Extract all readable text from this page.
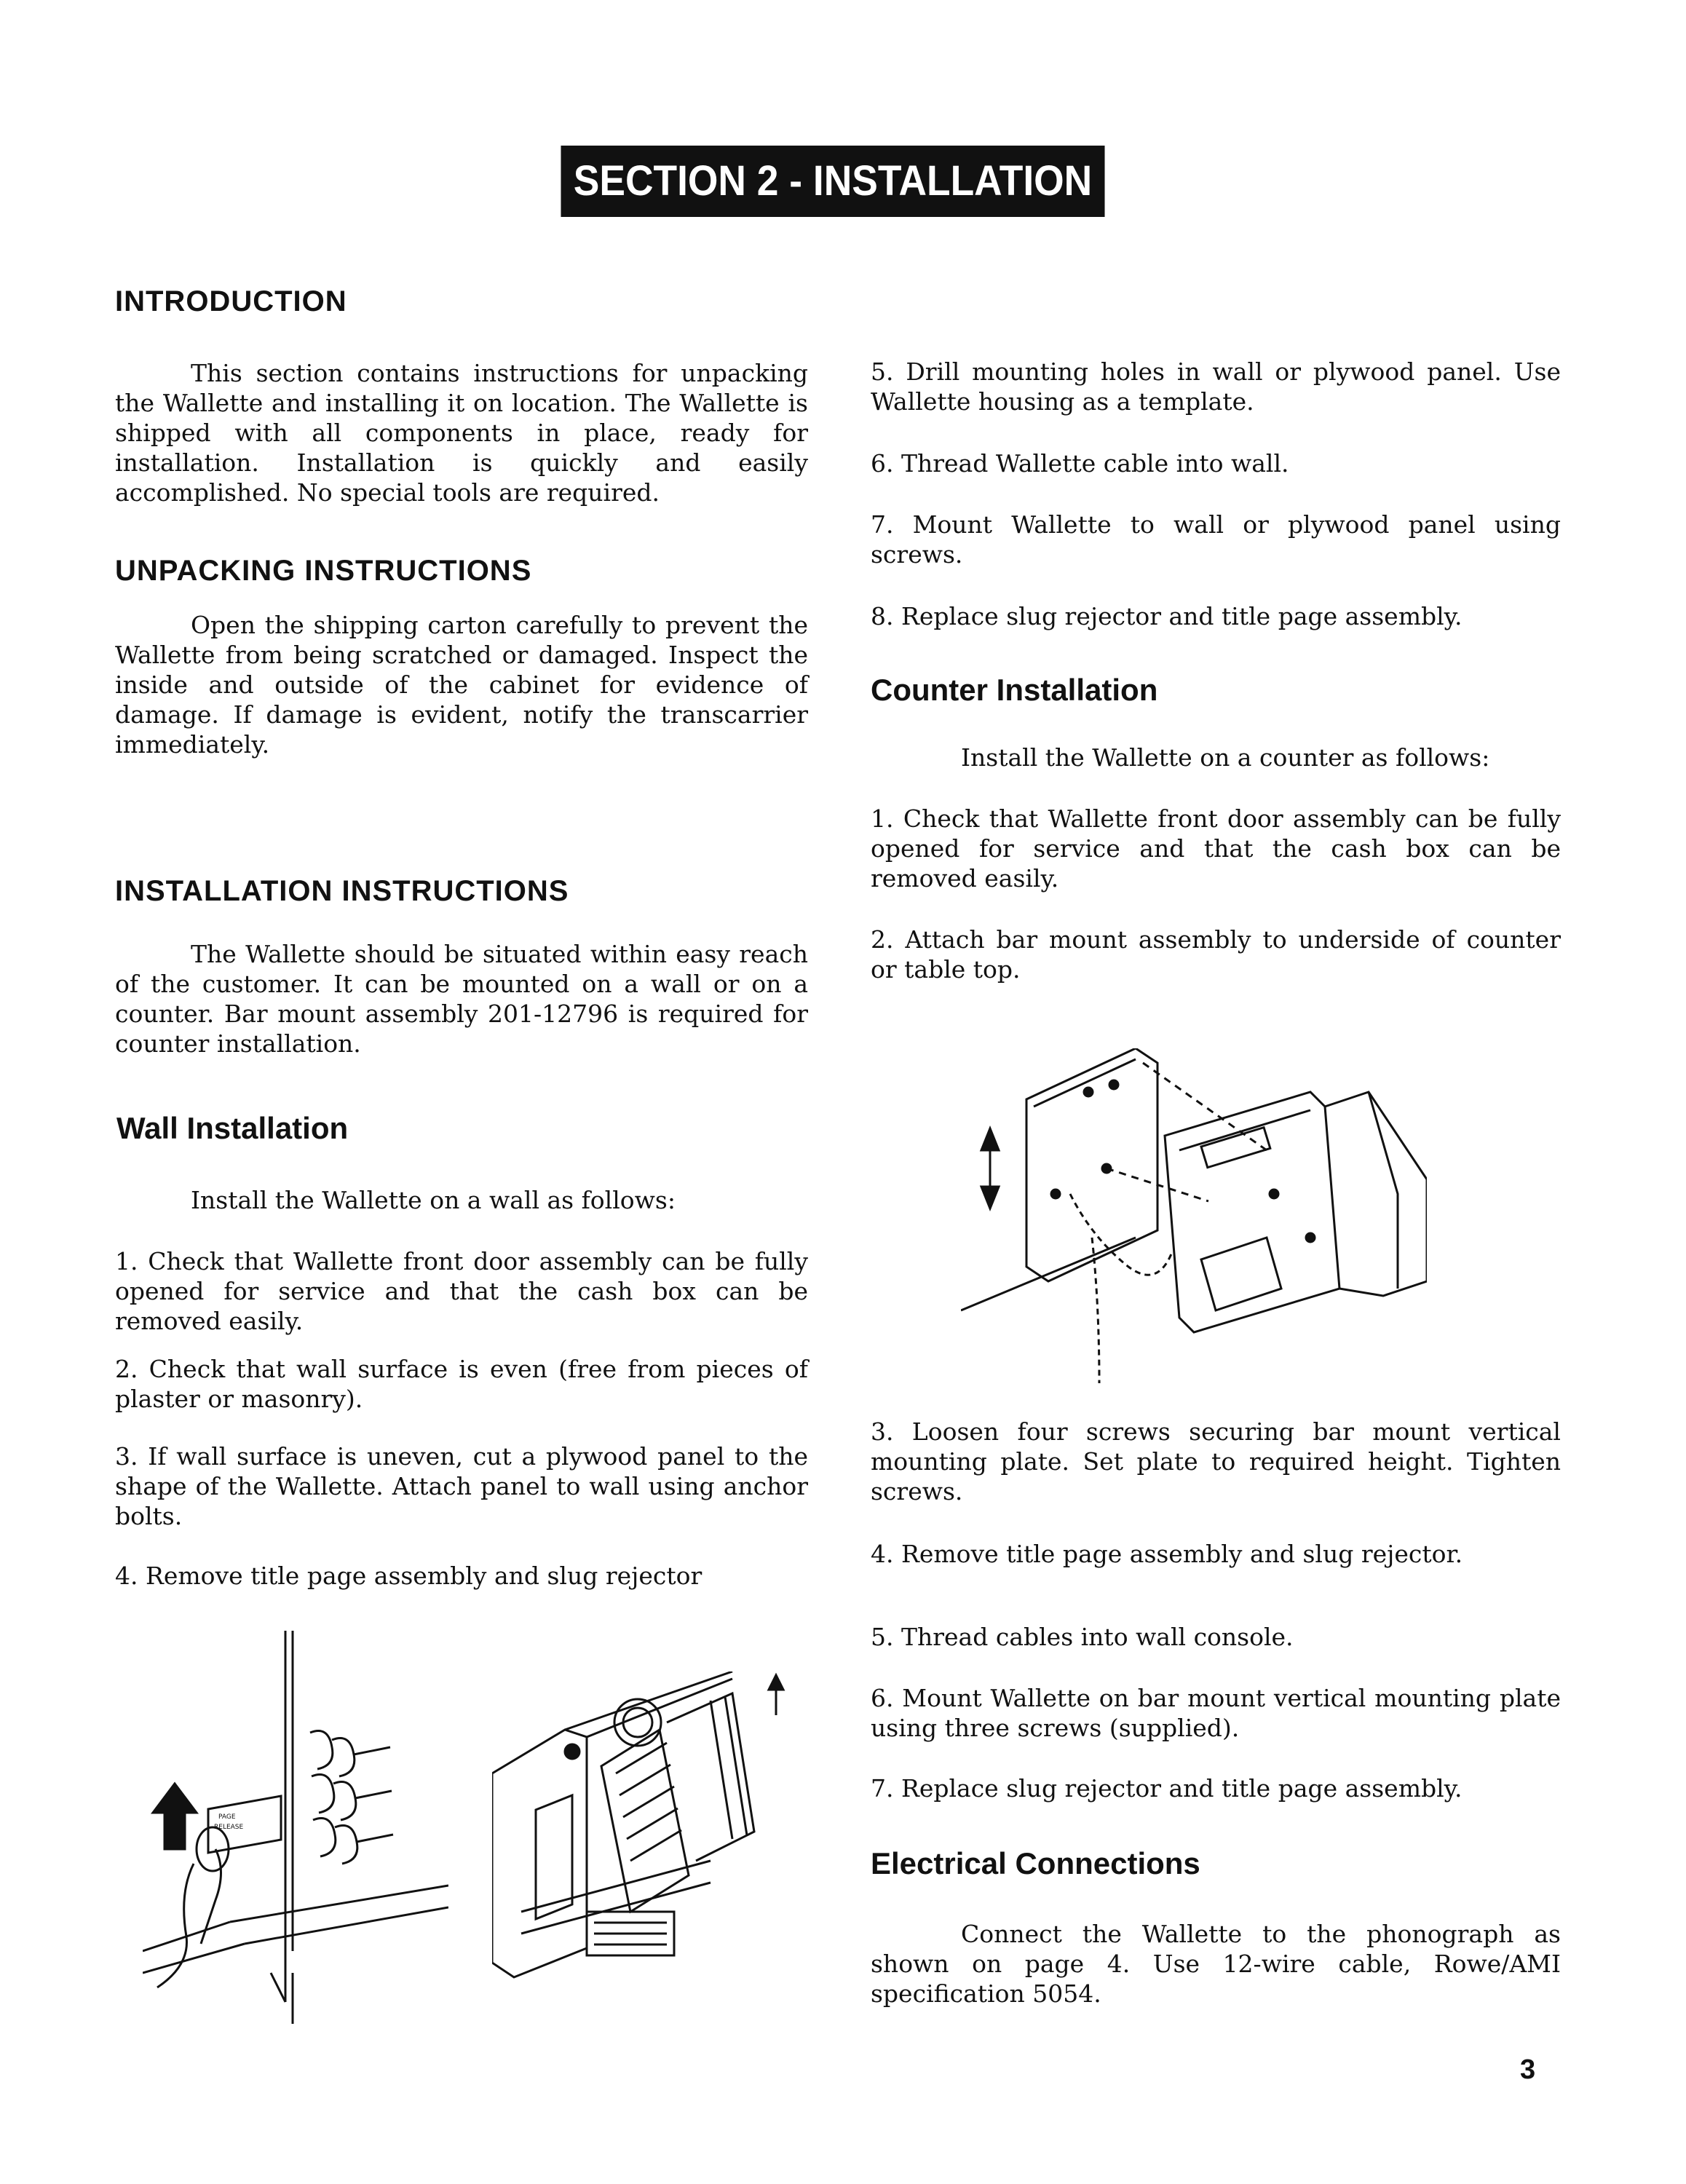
SECTION 2 - INSTALLATION
INTRODUCTION

This section contains instructions for unpacking the Wallette and installing it on location. The Wallette is shipped with all components in place, ready for installation. Installation is quickly and easily accomplished. No special tools are required.

UNPACKING INSTRUCTIONS

Open the shipping carton carefully to prevent the Wallette from being scratched or damaged. Inspect the inside and outside of the cabinet for evidence of damage. If damage is evident, notify the transcarrier immediately.

INSTALLATION INSTRUCTIONS

The Wallette should be situated within easy reach of the customer. It can be mounted on a wall or on a counter. Bar mount assembly 201-12796 is required for counter installation.

Wall Installation

Install the Wallette on a wall as follows:

1. Check that Wallette front door assembly can be fully opened for service and that the cash box can be removed easily.

2. Check that wall surface is even (free from pieces of plaster or masonry).

3. If wall surface is uneven, cut a plywood panel to the shape of the Wallette. Attach panel to wall using anchor bolts.

4. Remove title page assembly and slug rejector

PAGE
RELEASE

5. Drill mounting holes in wall or plywood panel. Use Wallette housing as a template.

6. Thread Wallette cable into wall.

7. Mount Wallette to wall or plywood panel using screws.

8. Replace slug rejector and title page assembly.

Counter Installation

Install the Wallette on a counter as follows:

1. Check that Wallette front door assembly can be fully opened for service and that the cash box can be removed easily.

2. Attach bar mount assembly to underside of counter or table top.

3. Loosen four screws securing bar mount vertical mounting plate. Set plate to required height. Tighten screws.

4. Remove title page assembly and slug rejector.

5. Thread cables into wall console.

6. Mount Wallette on bar mount vertical mounting plate using three screws (supplied).

7. Replace slug rejector and title page assembly.

Electrical Connections

Connect the Wallette to the phonograph as shown on page 4. Use 12-wire cable, Rowe/AMI specification 5054.

3
